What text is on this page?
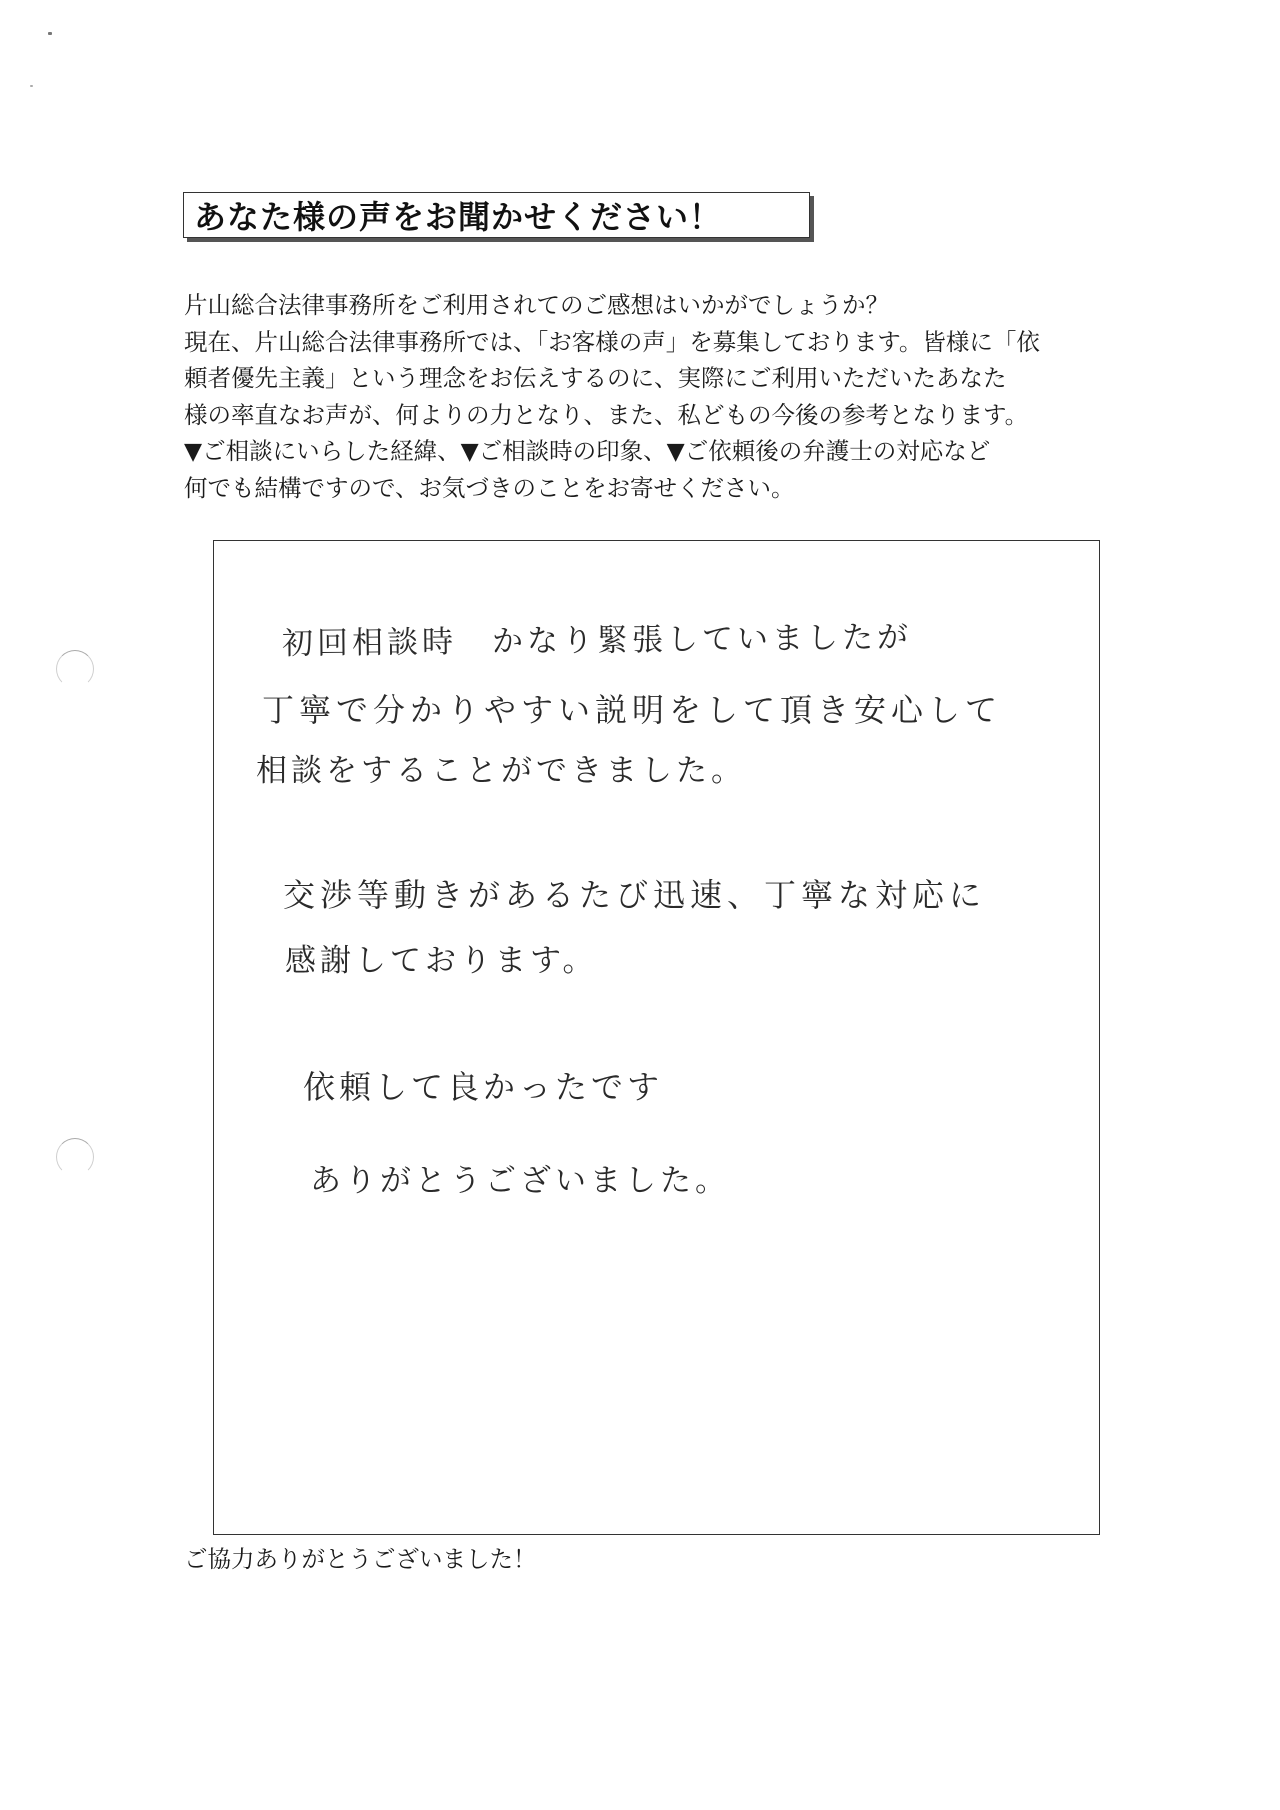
あなた様の声をお聞かせください！
片山総合法律事務所をご利用されてのご感想はいかがでしょうか？
現在、片山総合法律事務所では、「お客様の声」を募集しております。皆様に「依
頼者優先主義」という理念をお伝えするのに、実際にご利用いただいたあなた
様の率直なお声が、何よりの力となり、また、私どもの今後の参考となります。
▼ご相談にいらした経緯、▼ご相談時の印象、▼ご依頼後の弁護士の対応など
何でも結構ですので、お気づきのことをお寄せください。
初回相談時　かなり緊張していましたが
丁寧で分かりやすい説明をして頂き安心して
相談をすることができました。
交渉等動きがあるたび迅速、丁寧な対応に
感謝しております。
依頼して良かったです
ありがとうございました。
ご協力ありがとうございました！
